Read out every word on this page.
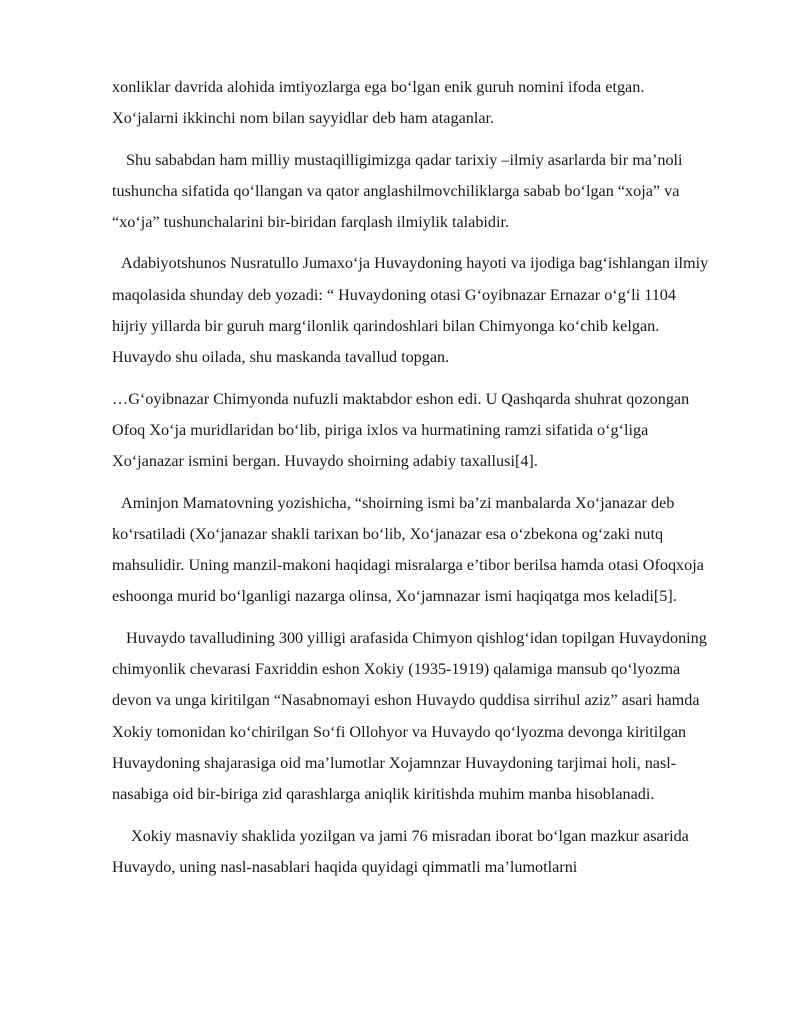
xonliklar davrida alohida imtiyozlarga ega bo‘lgan enik guruh nomini ifoda etgan. Xo‘jalarni ikkinchi nom bilan sayyidlar deb ham ataganlar.

Shu sababdan ham milliy mustaqilligimizga qadar tarixiy –ilmiy asarlarda bir ma’noli tushuncha sifatida qo‘llangan va qator anglashilmovchiliklarga sabab bo‘lgan “xoja” va “xo‘ja” tushunchalarini bir-biridan farqlash ilmiylik talabidir.

Adabiyotshunos Nusratullo Jumaxo‘ja Huvaydoning hayoti va ijodiga bag‘ishlangan ilmiy maqolasida shunday deb yozadi: “ Huvaydoning otasi G‘oyibnazar Ernazar o‘g‘li 1104 hijriy yillarda bir guruh marg‘ilonlik qarindoshlari bilan Chimyonga ko‘chib kelgan. Huvaydo shu oilada, shu maskanda tavallud topgan.

…G‘oyibnazar Chimyonda nufuzli maktabdor eshon edi. U Qashqarda shuhrat qozongan Ofoq Xo‘ja muridlaridan bo‘lib, piriga ixlos va hurmatining ramzi sifatida o‘g‘liga Xo‘janazar ismini bergan. Huvaydo shoirning adabiy taxallusi[4].

Aminjon Mamatovning yozishicha, “shoirning ismi ba’zi manbalarda Xo‘janazar deb ko‘rsatiladi (Xo‘janazar shakli tarixan bo‘lib, Xo‘janazar esa o‘zbekona og‘zaki nutq mahsulidir. Uning manzil-makoni haqidagi misralarga e’tibor berilsa hamda otasi Ofoqxoja eshoonga murid bo‘lganligi nazarga olinsa, Xo‘jamnazar ismi haqiqatga mos keladi[5].

Huvaydo tavalludining 300 yilligi arafasida Chimyon qishlog‘idan topilgan Huvaydoning chimyonlik chevarasi Faxriddin eshon Xokiy (1935-1919) qalamiga mansub qo‘lyozma devon va unga kiritilgan “Nasabnomayi eshon Huvaydo quddisa sirrihul aziz” asari hamda Xokiy tomonidan ko‘chirilgan So‘fi Ollohyor va Huvaydo qo‘lyozma devonga kiritilgan Huvaydoning shajarasiga oid ma’lumotlar Xojamnzar Huvaydoning tarjimai holi, nasl-nasabiga oid bir-biriga zid qarashlarga aniqlik kiritishda muhim manba hisoblanadi.

Xokiy masnaviy shaklida yozilgan va jami 76 misradan iborat bo‘lgan mazkur asarida Huvaydo, uning nasl-nasablari haqida quyidagi qimmatli ma’lumotlarni
